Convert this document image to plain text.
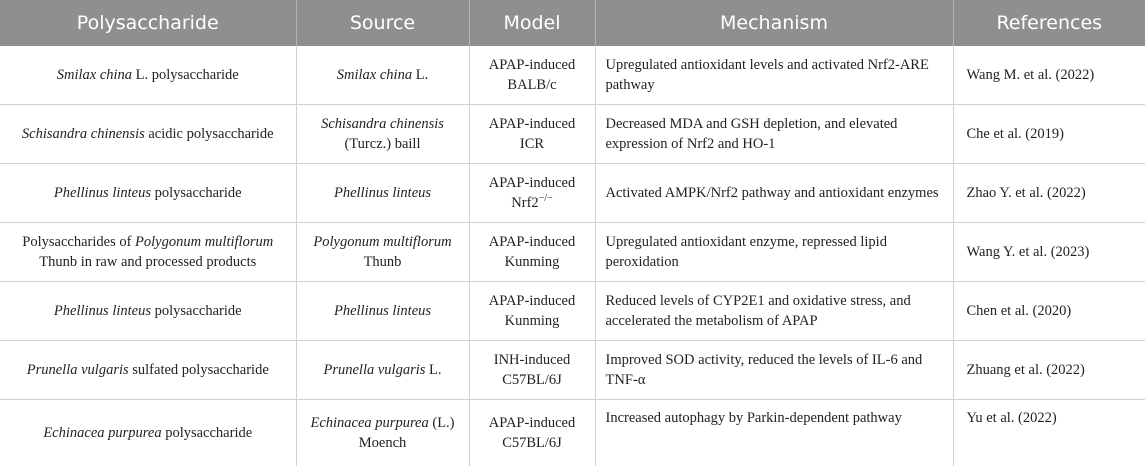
Polysaccharide	Source	Model	Mechanism	References
Smilax china L. polysaccharide	Smilax china L.	APAP-induced BALB/c	Upregulated antioxidant levels and activated Nrf2-ARE pathway	Wang M. et al. (2022)
Schisandra chinensis acidic polysaccharide	Schisandra chinensis (Turcz.) baill	APAP-induced ICR	Decreased MDA and GSH depletion, and elevated expression of Nrf2 and HO-1	Che et al. (2019)
Phellinus linteus polysaccharide	Phellinus linteus	APAP-induced Nrf2−/−	Activated AMPK/Nrf2 pathway and antioxidant enzymes	Zhao Y. et al. (2022)
Polysaccharides of Polygonum multiflorum Thunb in raw and processed products	Polygonum multiflorum Thunb	APAP-induced Kunming	Upregulated antioxidant enzyme, repressed lipid peroxidation	Wang Y. et al. (2023)
Phellinus linteus polysaccharide	Phellinus linteus	APAP-induced Kunming	Reduced levels of CYP2E1 and oxidative stress, and accelerated the metabolism of APAP	Chen et al. (2020)
Prunella vulgaris sulfated polysaccharide	Prunella vulgaris L.	INH-induced C57BL/6J	Improved SOD activity, reduced the levels of IL-6 and TNF-α	Zhuang et al. (2022)
Echinacea purpurea polysaccharide	Echinacea purpurea (L.) Moench	APAP-induced C57BL/6J	Increased autophagy by Parkin-dependent pathway	Yu et al. (2022)
